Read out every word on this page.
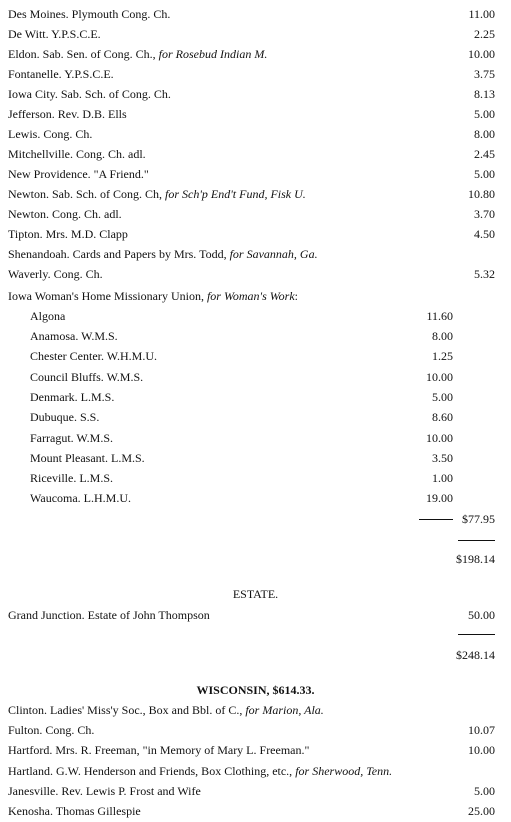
Des Moines. Plymouth Cong. Ch.	11.00
De Witt. Y.P.S.C.E.	2.25
Eldon. Sab. Sen. of Cong. Ch., for Rosebud Indian M.	10.00
Fontanelle. Y.P.S.C.E.	3.75
Iowa City. Sab. Sch. of Cong. Ch.	8.13
Jefferson. Rev. D.B. Ells	5.00
Lewis. Cong. Ch.	8.00
Mitchellville. Cong. Ch. adl.	2.45
New Providence. "A Friend."	5.00
Newton. Sab. Sch. of Cong. Ch, for Sch'p End't Fund, Fisk U.	10.80
Newton. Cong. Ch. adl.	3.70
Tipton. Mrs. M.D. Clapp	4.50
Shenandoah. Cards and Papers by Mrs. Todd, for Savannah, Ga.
Waverly. Cong. Ch.	5.32
Iowa Woman's Home Missionary Union, for Woman's Work:
Algona	11.60
Anamosa. W.M.S.	8.00
Chester Center. W.H.M.U.	1.25
Council Bluffs. W.M.S.	10.00
Denmark. L.M.S.	5.00
Dubuque. S.S.	8.60
Farragut. W.M.S.	10.00
Mount Pleasant. L.M.S.	3.50
Riceville. L.M.S.	1.00
Waucoma. L.H.M.U.	19.00
$77.95
$198.14
ESTATE.
Grand Junction. Estate of John Thompson	50.00
$248.14
WISCONSIN, $614.33.
Clinton. Ladies' Miss'y Soc., Box and Bbl. of C., for Marion, Ala.
Fulton. Cong. Ch.	10.07
Hartford. Mrs. R. Freeman, "in Memory of Mary L. Freeman."	10.00
Hartland. G.W. Henderson and Friends, Box Clothing, etc., for Sherwood, Tenn.
Janesville. Rev. Lewis P. Frost and Wife	5.00
Kenosha. Thomas Gillespie	25.00
